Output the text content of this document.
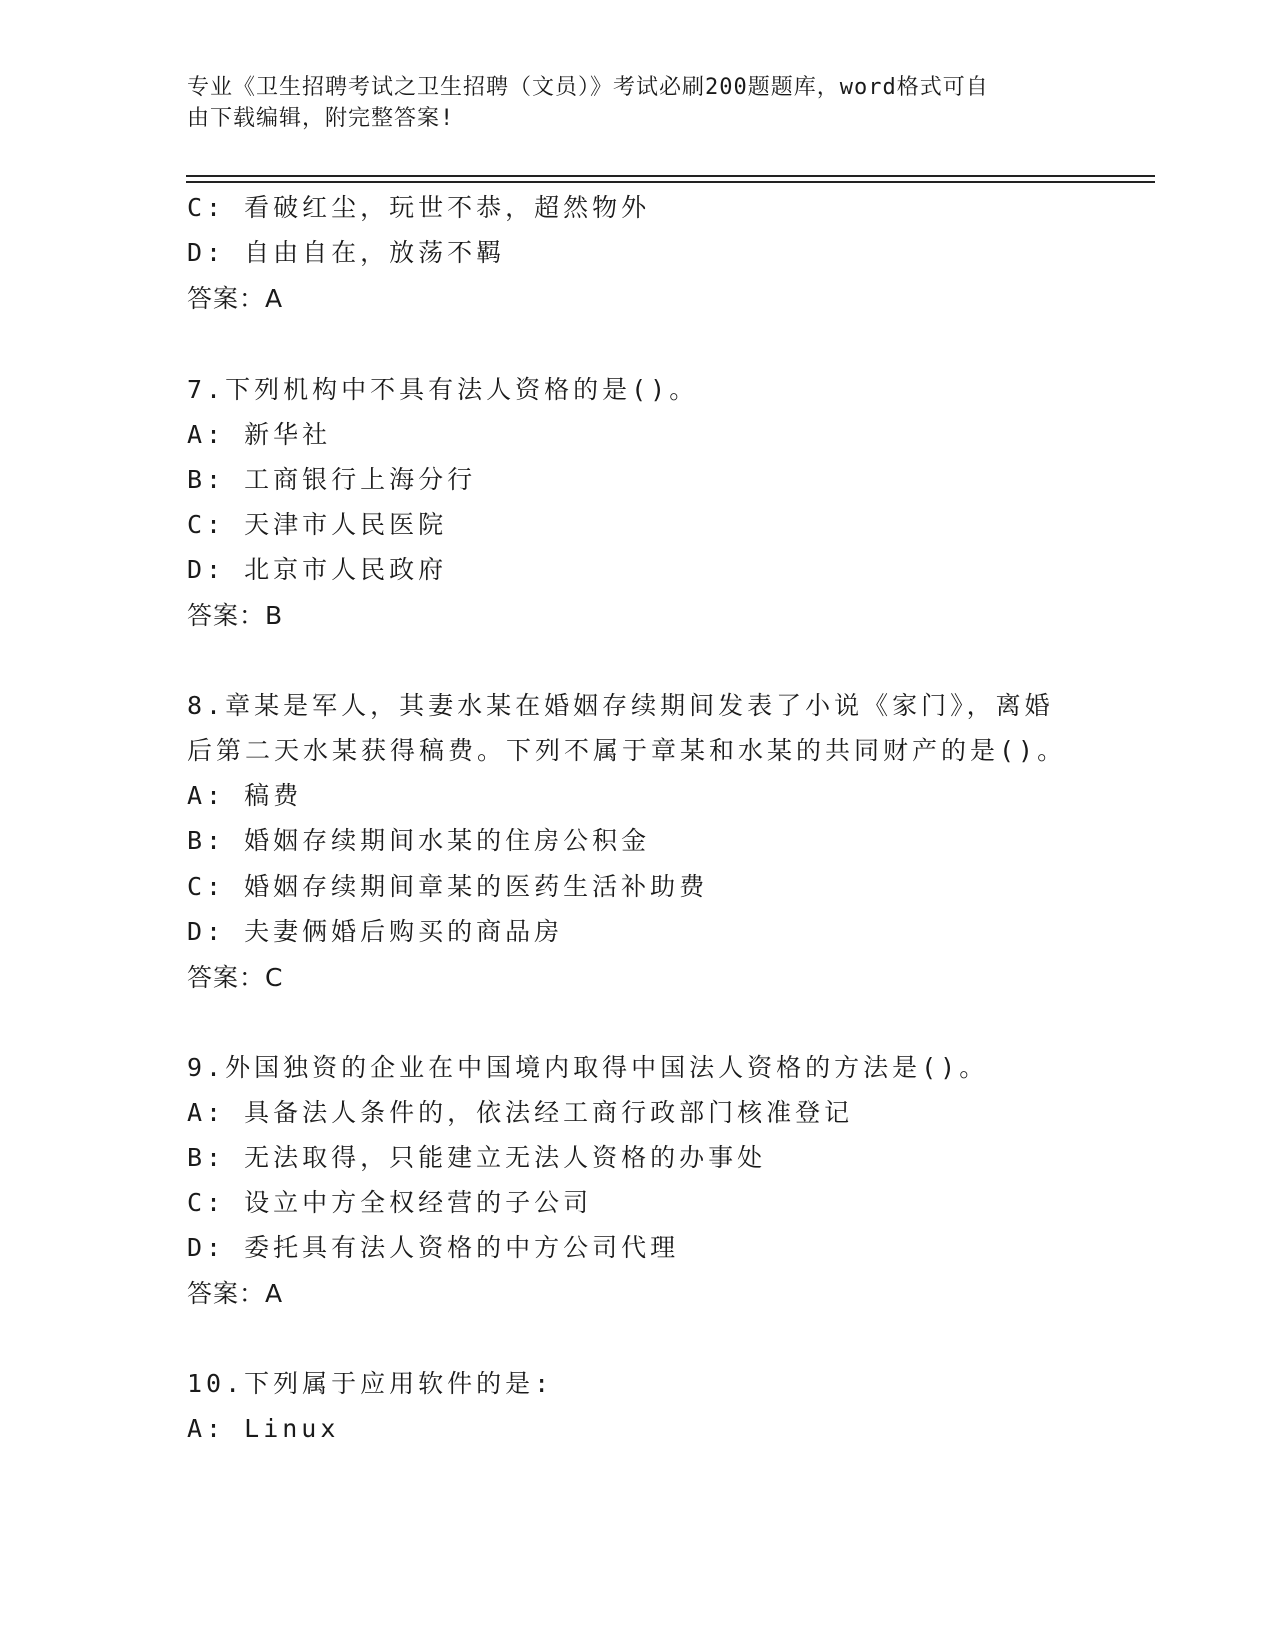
专业《卫生招聘考试之卫生招聘（文员）》考试必刷200题题库，word格式可自
由下载编辑，附完整答案!
C: 看破红尘，玩世不恭，超然物外
D: 自由自在，放荡不羁
答案：A
7.下列机构中不具有法人资格的是()。
A: 新华社
B: 工商银行上海分行
C: 天津市人民医院
D: 北京市人民政府
答案：B
8.章某是军人，其妻水某在婚姻存续期间发表了小说《家门》，离婚
后第二天水某获得稿费。下列不属于章某和水某的共同财产的是()。
A: 稿费
B: 婚姻存续期间水某的住房公积金
C: 婚姻存续期间章某的医药生活补助费
D: 夫妻俩婚后购买的商品房
答案：C
9.外国独资的企业在中国境内取得中国法人资格的方法是()。
A: 具备法人条件的，依法经工商行政部门核准登记
B: 无法取得，只能建立无法人资格的办事处
C: 设立中方全权经营的子公司
D: 委托具有法人资格的中方公司代理
答案：A
10.下列属于应用软件的是:
A: Linux
